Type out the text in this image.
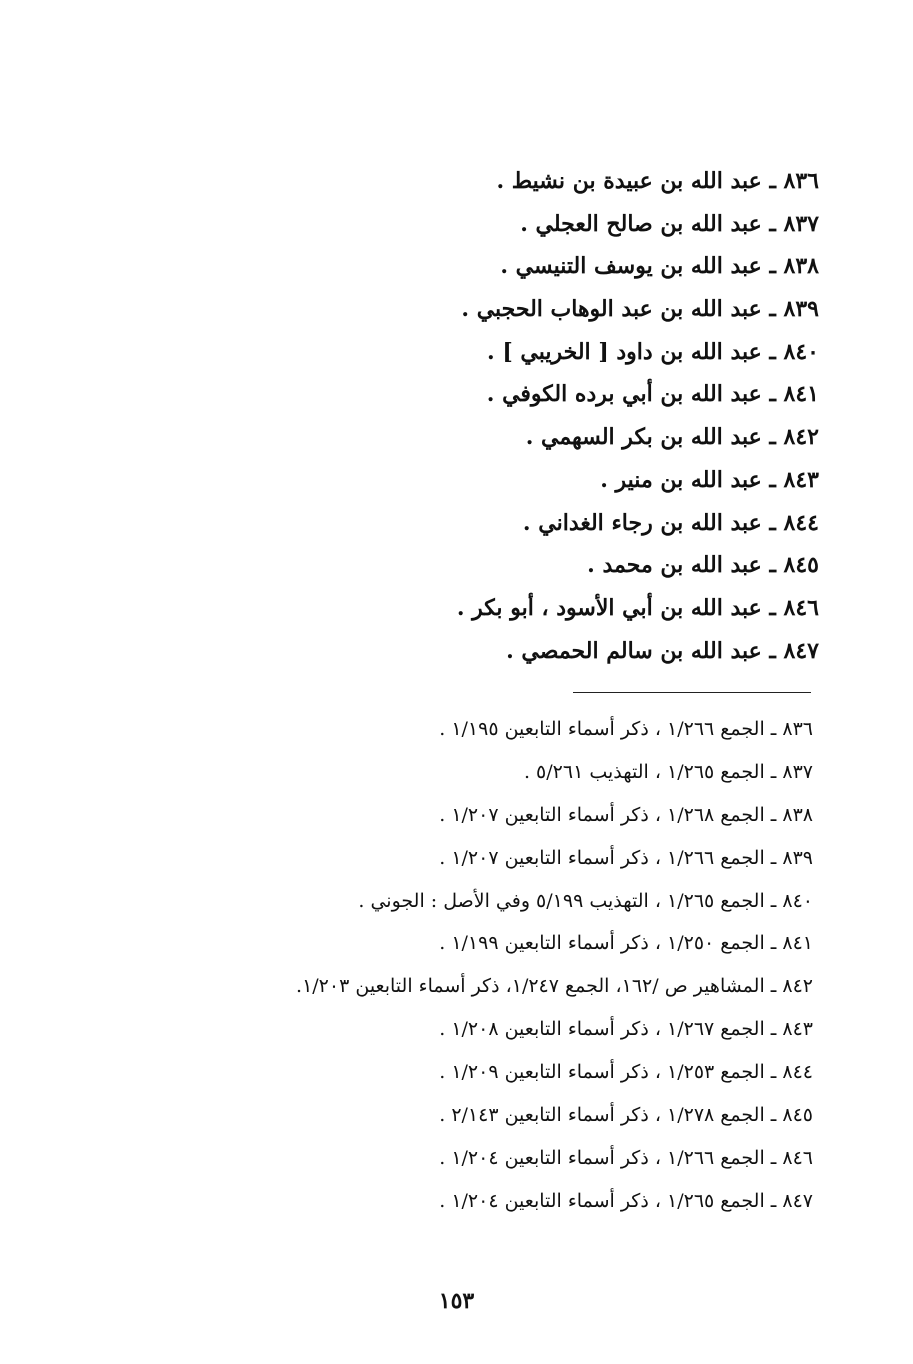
٨٣٦ ـ عبد الله بن عبيدة بن نشيط .
٨٣٧ ـ عبد الله بن صالح العجلي .
٨٣٨ ـ عبد الله بن يوسف التنيسي .
٨٣٩ ـ عبد الله بن عبد الوهاب الحجبي .
٨٤٠ ـ عبد الله بن داود [ الخريبي ] .
٨٤١ ـ عبد الله بن أبي برده الكوفي .
٨٤٢ ـ عبد الله بن بكر السهمي .
٨٤٣ ـ عبد الله بن منير .
٨٤٤ ـ عبد الله بن رجاء الغداني .
٨٤٥ ـ عبد الله بن محمد .
٨٤٦ ـ عبد الله بن أبي الأسود ، أبو بكر .
٨٤٧ ـ عبد الله بن سالم الحمصي .
٨٣٦ ـ الجمع ١/٢٦٦ ، ذكر أسماء التابعين ١/١٩٥ .
٨٣٧ ـ الجمع ١/٢٦٥ ، التهذيب ٥/٢٦١ .
٨٣٨ ـ الجمع ١/٢٦٨ ، ذكر أسماء التابعين ١/٢٠٧ .
٨٣٩ ـ الجمع ١/٢٦٦ ، ذكر أسماء التابعين ١/٢٠٧ .
٨٤٠ ـ الجمع ١/٢٦٥ ، التهذيب ٥/١٩٩ وفي الأصل : الجوني .
٨٤١ ـ الجمع ١/٢٥٠ ، ذكر أسماء التابعين ١/١٩٩ .
٨٤٢ ـ المشاهير ص /١٦٢، الجمع ١/٢٤٧، ذكر أسماء التابعين ١/٢٠٣.
٨٤٣ ـ الجمع ١/٢٦٧ ، ذكر أسماء التابعين ١/٢٠٨ .
٨٤٤ ـ الجمع ١/٢٥٣ ، ذكر أسماء التابعين ١/٢٠٩ .
٨٤٥ ـ الجمع ١/٢٧٨ ، ذكر أسماء التابعين ٢/١٤٣ .
٨٤٦ ـ الجمع ١/٢٦٦ ، ذكر أسماء التابعين ١/٢٠٤ .
٨٤٧ ـ الجمع ١/٢٦٥ ، ذكر أسماء التابعين ١/٢٠٤ .
١٥٣
